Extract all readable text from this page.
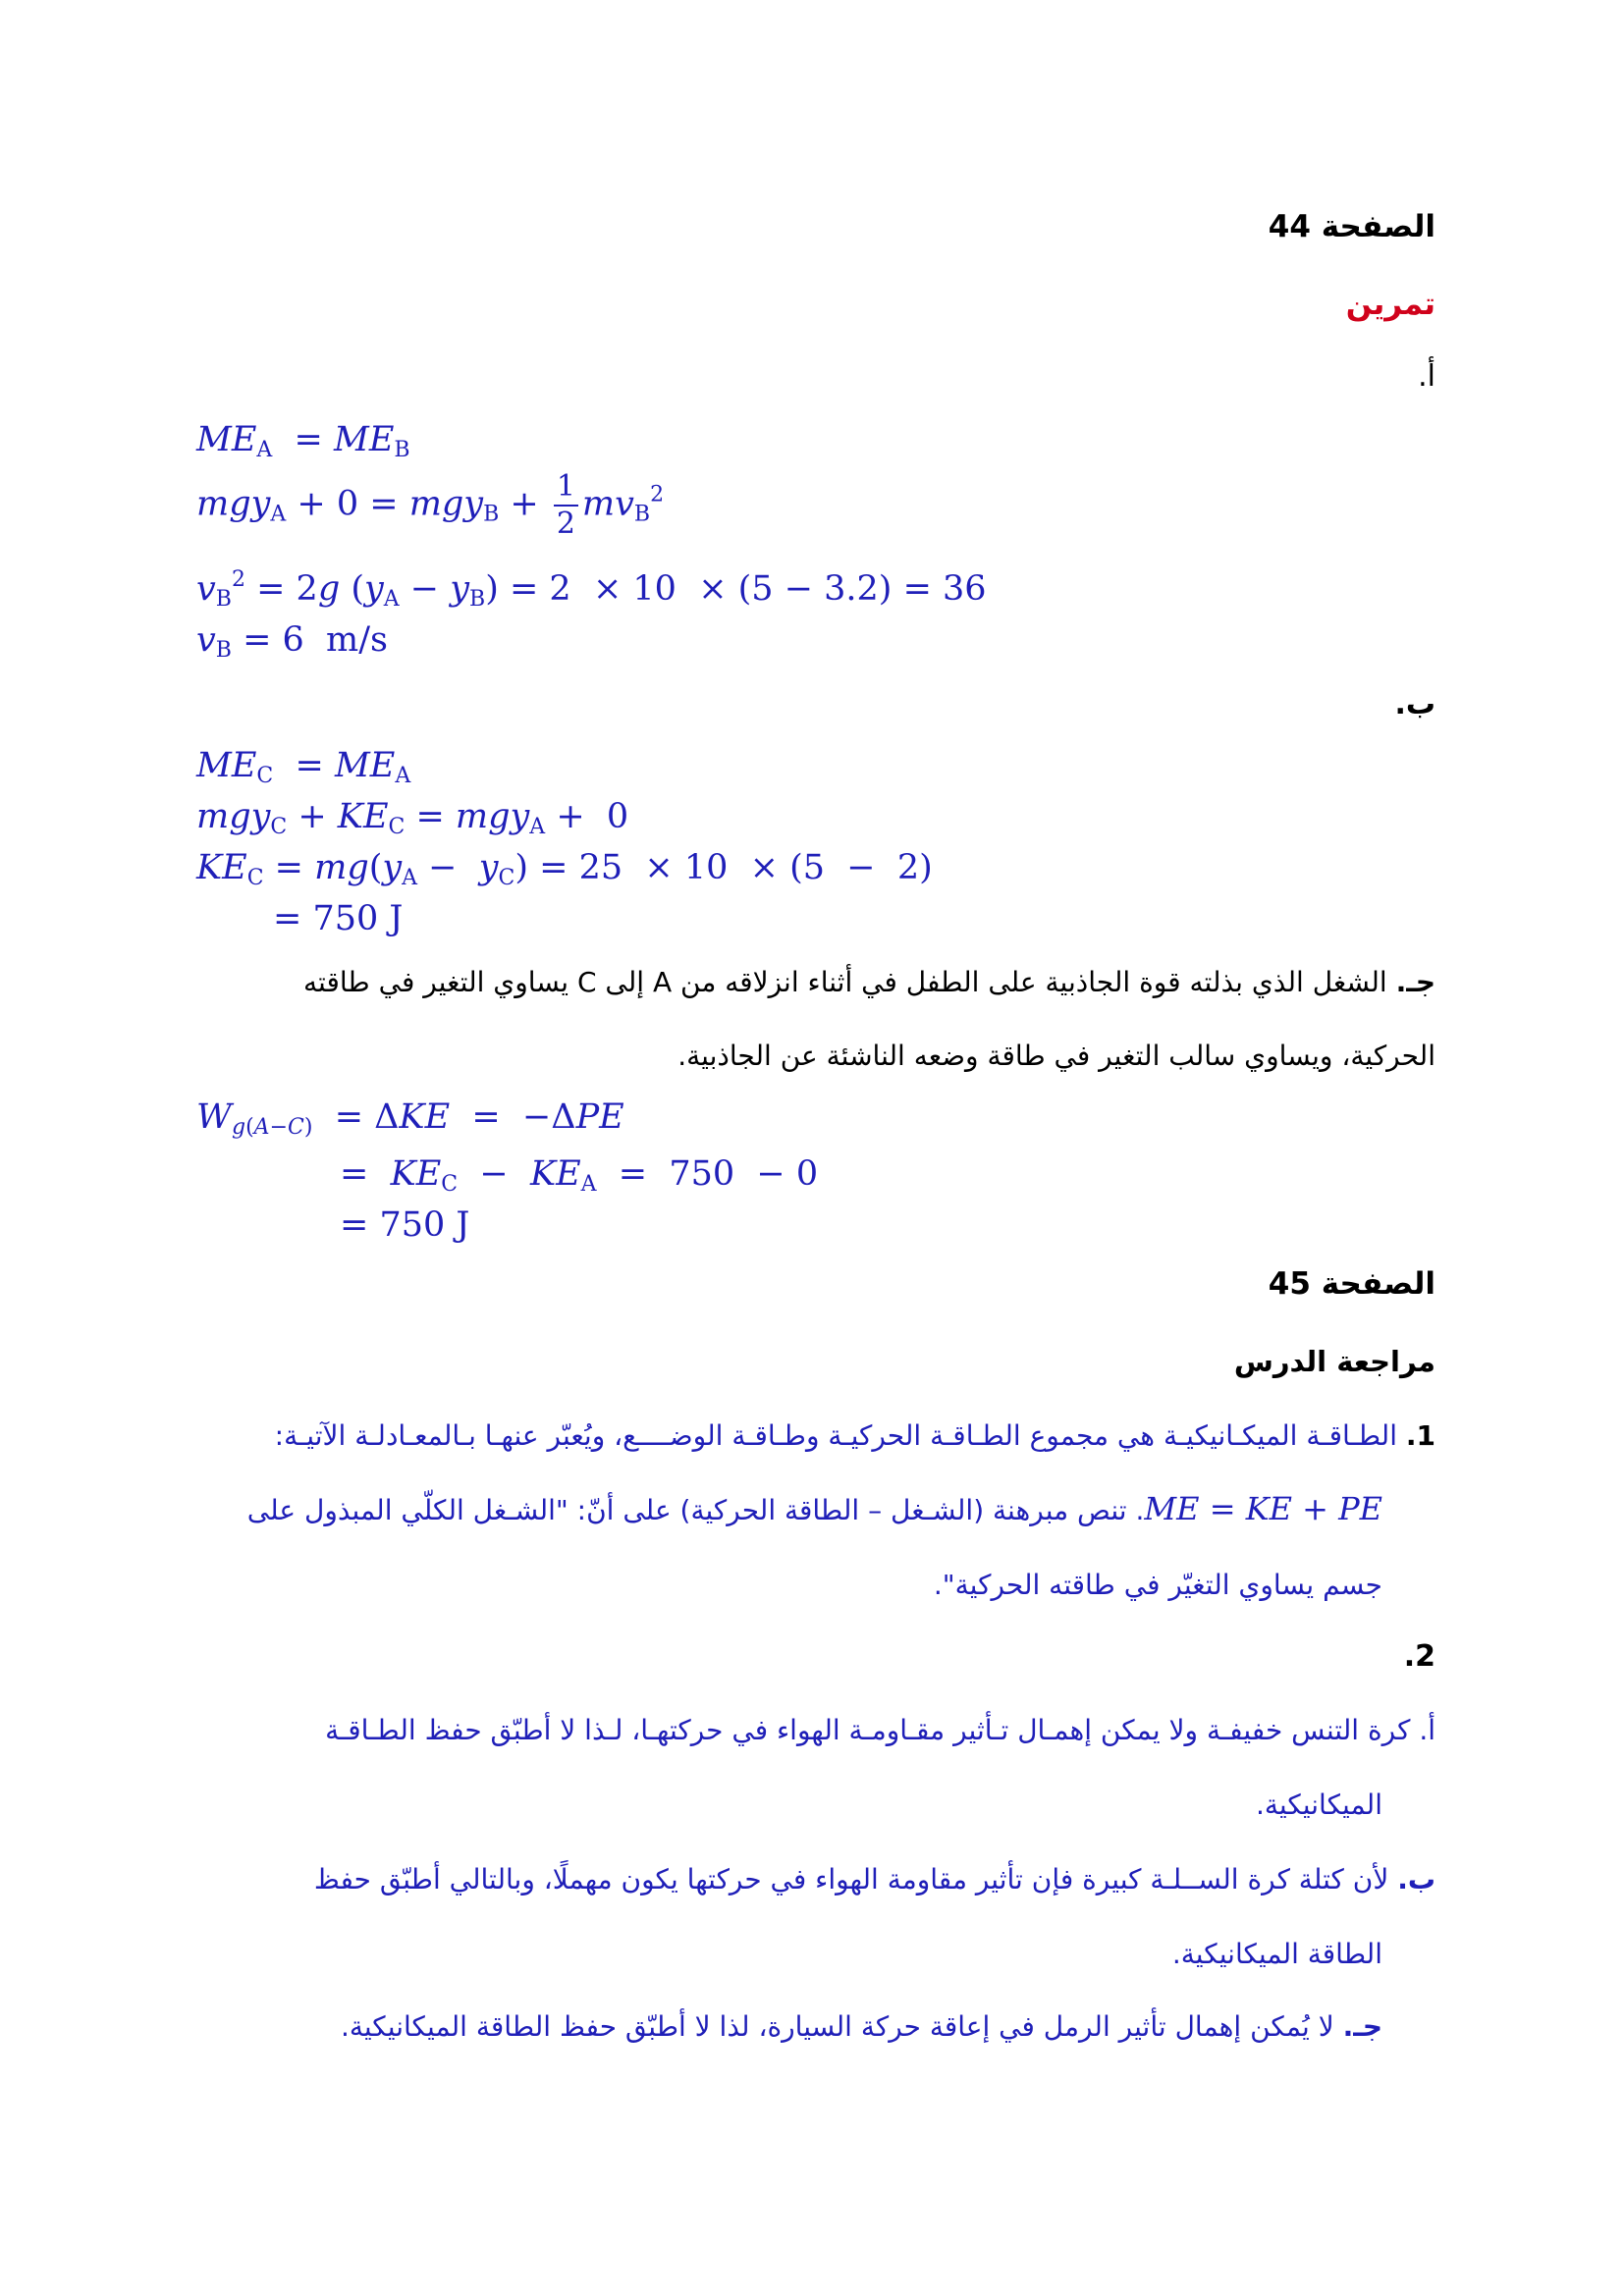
الصفحة 44
تمرين
أ.
$ME_A = ME_B$
$mgy_A + 0 = mgy_B + \frac{1}{2} mv_B^2$
$v_B^2 = 2g$ $(y_A - y_B) = 2 \times 10 \times (5 - 3.2) = 36$
$v_B = 6$  m/s
ب.
$ME_C = ME_A$
$mgy_C + KE_C = mgy_A + 0$
$KE_C = mg(y_A - y_C) = 25 \times 10 \times (5 - 2)$
= 750 J
جـ. الشغل الذي بذلته قوة الجاذبية على الطفل في أثناء انزلاقه من A إلى C يساوي التغير في طاقته
الحركية، ويساوي سالب التغير في طاقة وضعه الناشئة عن الجاذبية.
$W_{g(A-C)} = \Delta KE = -\Delta PE$
=  $KE_C - KE_A = 750 - 0$
= 750 J
الصفحة 45
مراجعة الدرس
1. الطـاقـة الميكـانيكيـة هي مجموع الطـاقـة الحركيـة وطـاقـة الوضــــع، ويُعبّر عنهـا بـالمعـادلـة الآتيـة:
ME = KE + PE. تنص مبرهنة (الشـغل – الطاقة الحركية) على أنّ: "الشـغل الكلّي المبذول على
جسم يساوي التغيّر في طاقته الحركية".
.2
أ. كرة التنس خفيفـة ولا يمكن إهمـال تـأثير مقـاومـة الهواء في حركتهـا، لـذا لا أطبّق حفظ الطـاقـة
الميكانيكية.
ب. لأن كتلة كرة الســلـة كبيرة فإن تأثير مقاومة الهواء في حركتها يكون مهملًا، وبالتالي أطبّق حفظ
الطاقة الميكانيكية.
جـ. لا يُمكن إهمال تأثير الرمل في إعاقة حركة السيارة، لذا لا أطبّق حفظ الطاقة الميكانيكية.
